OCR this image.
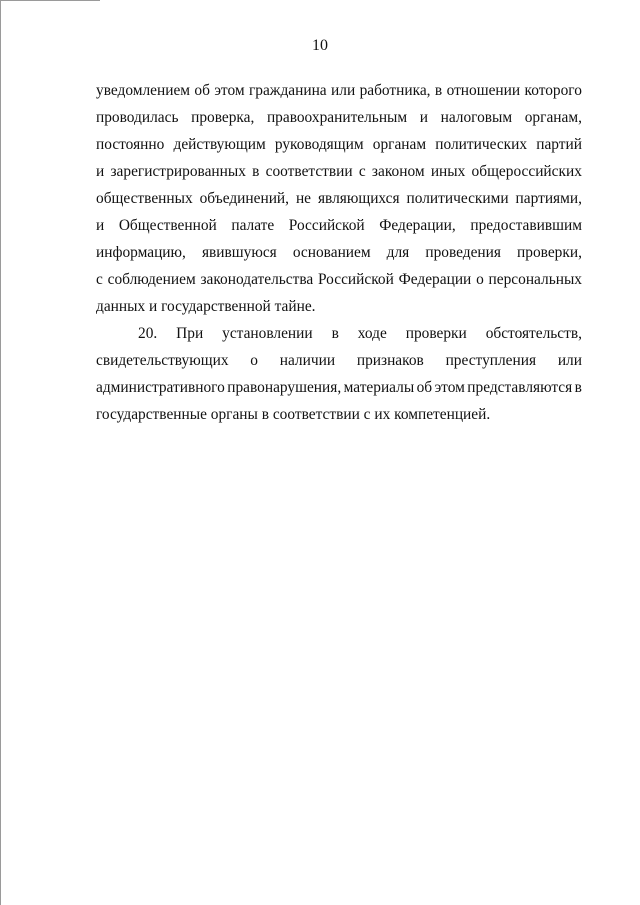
10
уведомлением об этом гражданина или работника, в отношении которого
проводилась проверка, правоохранительным и налоговым органам,
постоянно действующим руководящим органам политических партий
и зарегистрированных в соответствии с законом иных общероссийских
общественных объединений, не являющихся политическими партиями,
и Общественной палате Российской Федерации, предоставившим
информацию, явившуюся основанием для проведения проверки,
с соблюдением законодательства Российской Федерации о персональных
данных и государственной тайне.
20. При установлении в ходе проверки обстоятельств,
свидетельствующих о наличии признаков преступления или
административного правонарушения, материалы об этом представляются в
государственные органы в соответствии с их компетенцией.
